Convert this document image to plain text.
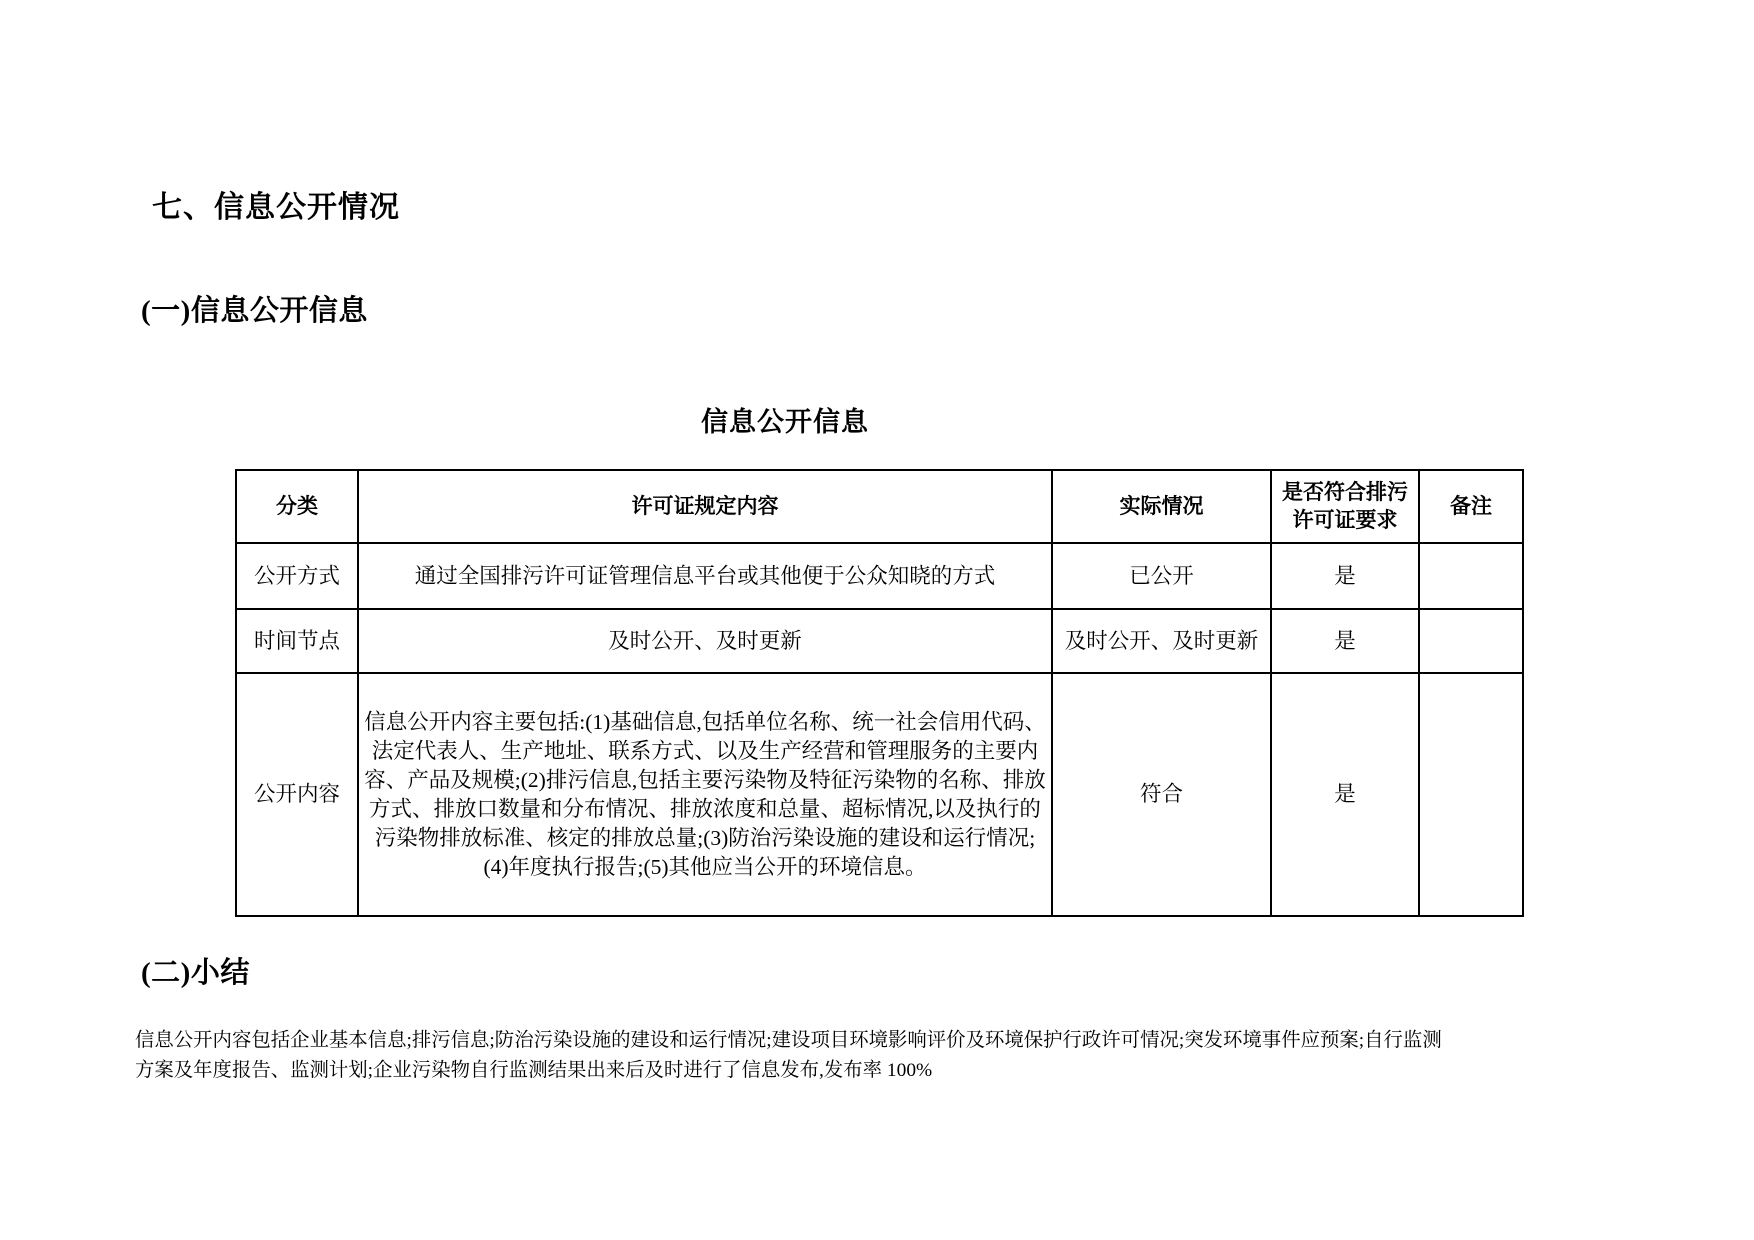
七、信息公开情况
(一)信息公开信息
信息公开信息
分类	许可证规定内容	实际情况	是否符合排污许可证要求	备注
公开方式	通过全国排污许可证管理信息平台或其他便于公众知晓的方式	已公开	是	
时间节点	及时公开、及时更新	及时公开、及时更新	是	
公开内容	信息公开内容主要包括:(1)基础信息,包括单位名称、统一社会信用代码、法定代表人、生产地址、联系方式、以及生产经营和管理服务的主要内容、产品及规模;(2)排污信息,包括主要污染物及特征污染物的名称、排放方式、排放口数量和分布情况、排放浓度和总量、超标情况,以及执行的污染物排放标准、核定的排放总量;(3)防治污染设施的建设和运行情况;(4)年度执行报告;(5)其他应当公开的环境信息。	符合	是	
(二)小结
信息公开内容包括企业基本信息;排污信息;防治污染设施的建设和运行情况;建设项目环境影响评价及环境保护行政许可情况;突发环境事件应预案;自行监测方案及年度报告、监测计划;企业污染物自行监测结果出来后及时进行了信息发布,发布率 100%
